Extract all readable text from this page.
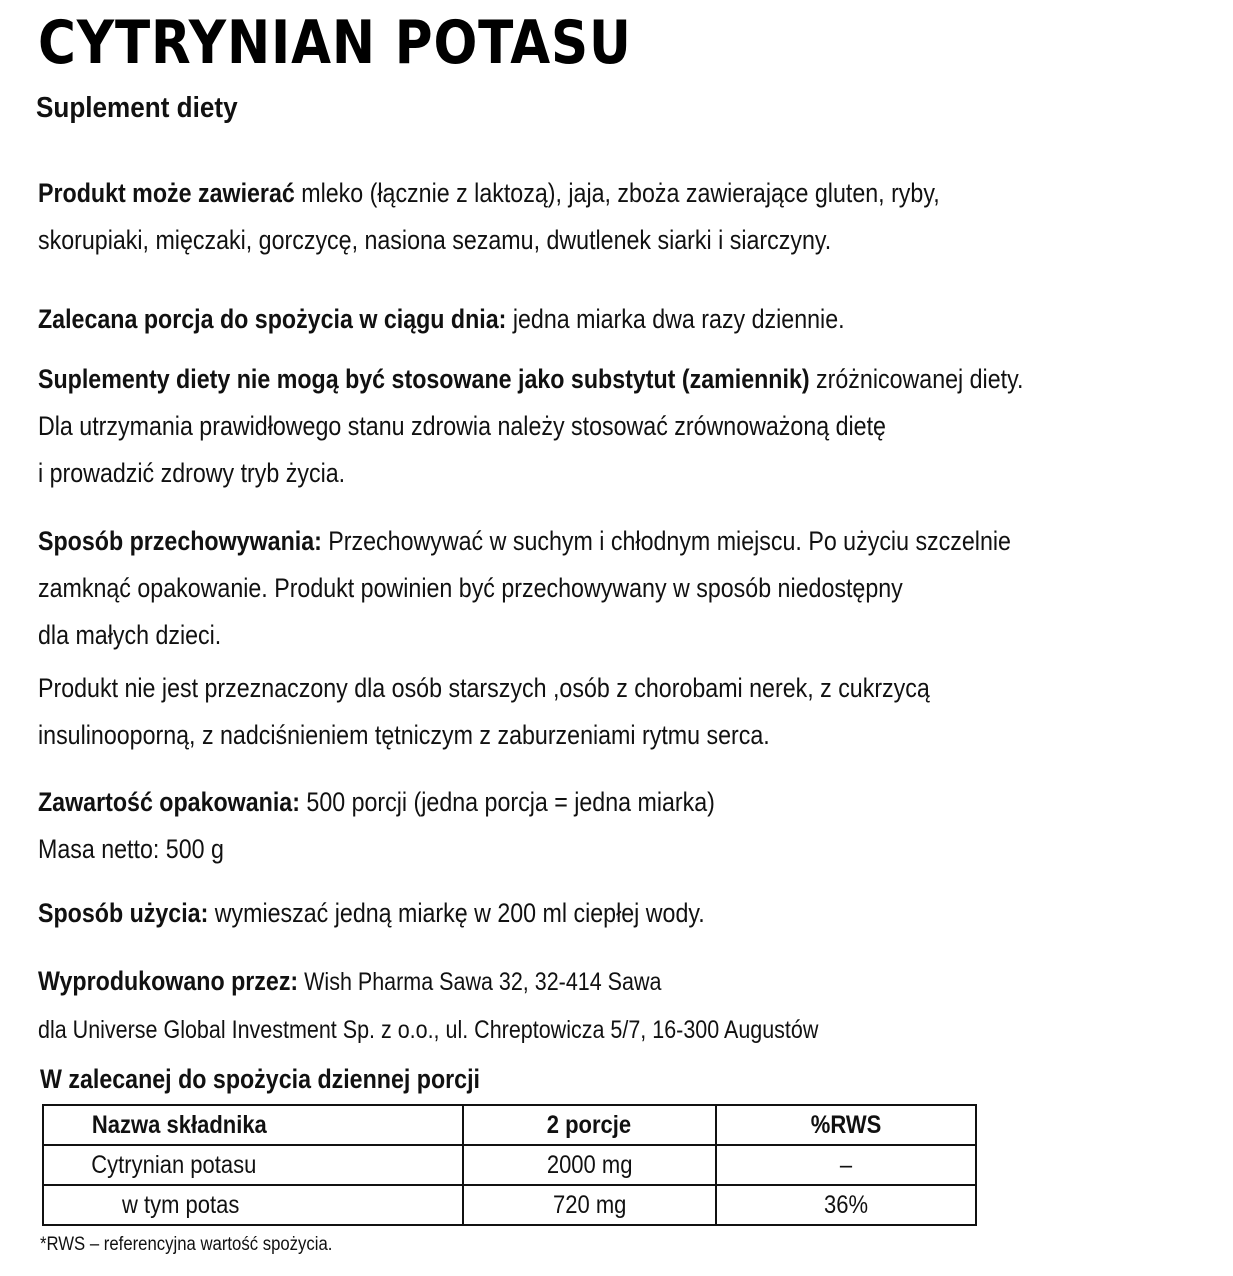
CYTRYNIAN POTASU
Suplement diety

Produkt może zawierać mleko (łącznie z laktozą), jaja, zboża zawierające gluten, ryby,
skorupiaki, mięczaki, gorczycę, nasiona sezamu, dwutlenek siarki i siarczyny.

Zalecana porcja do spożycia w ciągu dnia: jedna miarka dwa razy dziennie.

Suplementy diety nie mogą być stosowane jako substytut (zamiennik) zróżnicowanej diety.
Dla utrzymania prawidłowego stanu zdrowia należy stosować zrównoważoną dietę
i prowadzić zdrowy tryb życia.

Sposób przechowywania: Przechowywać w suchym i chłodnym miejscu. Po użyciu szczelnie
zamknąć opakowanie. Produkt powinien być przechowywany w sposób niedostępny
dla małych dzieci.

Produkt nie jest przeznaczony dla osób starszych ,osób z chorobami nerek, z cukrzycą
insulinooporną, z nadciśnieniem tętniczym z zaburzeniami rytmu serca.

Zawartość opakowania: 500 porcji (jedna porcja = jedna miarka)
Masa netto: 500 g

Sposób użycia: wymieszać jedną miarkę w 200 ml ciepłej wody.

Wyprodukowano przez: Wish Pharma Sawa 32, 32-414 Sawa
dla Universe Global Investment Sp. z o.o., ul. Chreptowicza 5/7, 16-300 Augustów

W zalecanej do spożycia dziennej porcji
Nazwa składnika	2 porcje	%RWS
Cytrynian potasu	2000 mg	–
w tym potas	720 mg	36%

*RWS – referencyjna wartość spożycia.
